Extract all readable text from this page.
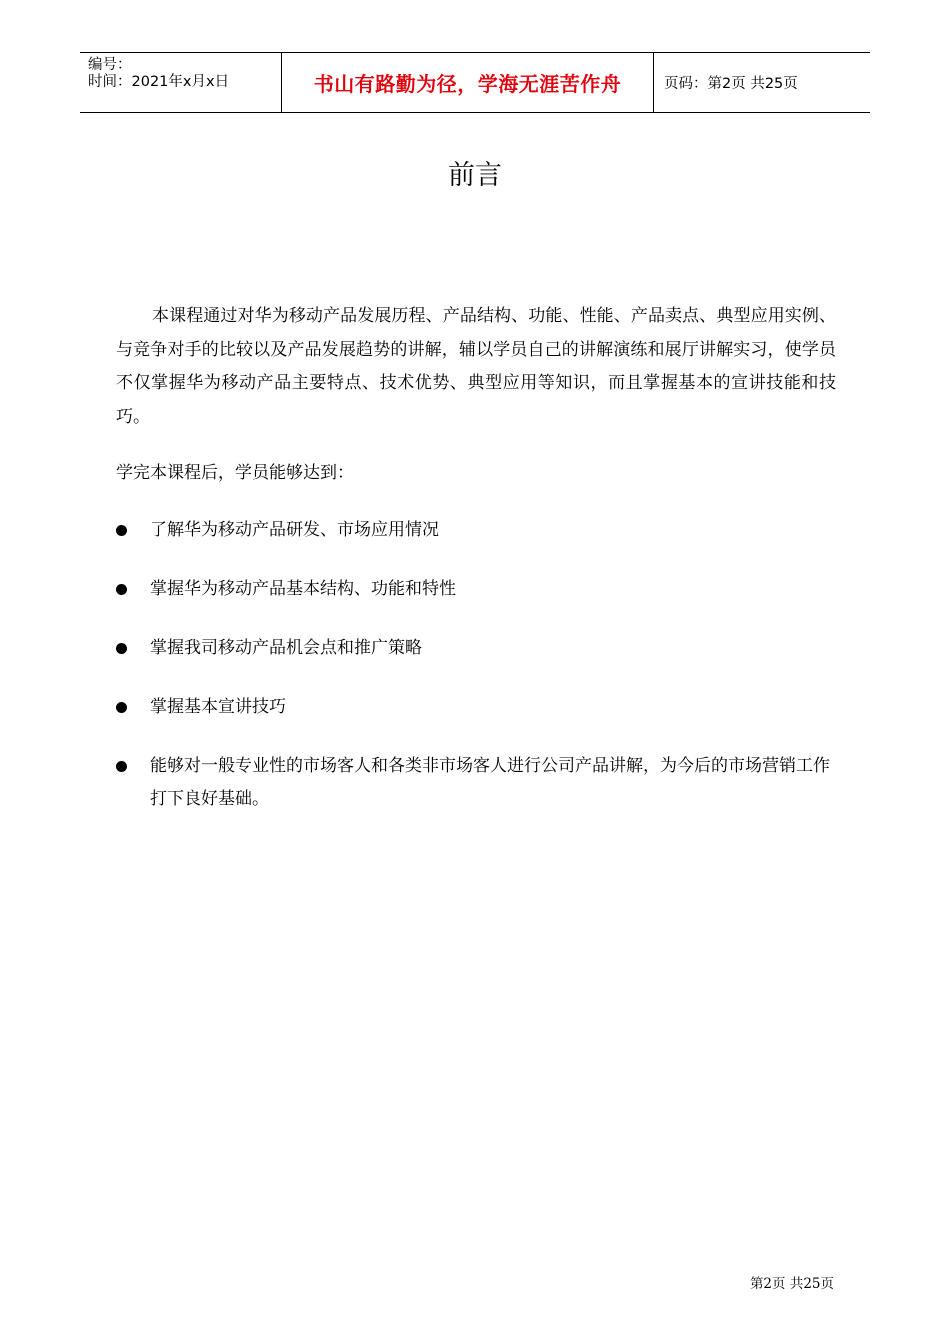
编号：
时间：2021年x月x日	书山有路勤为径，学海无涯苦作舟	页码：第2页 共25页
前言

本课程通过对华为移动产品发展历程、产品结构、功能、性能、产品卖点、典型应用实例、与竞争对手的比较以及产品发展趋势的讲解，辅以学员自己的讲解演练和展厅讲解实习，使学员不仅掌握华为移动产品主要特点、技术优势、典型应用等知识，而且掌握基本的宣讲技能和技巧。

学完本课程后，学员能够达到：

了解华为移动产品研发、市场应用情况
掌握华为移动产品基本结构、功能和特性
掌握我司移动产品机会点和推广策略
掌握基本宣讲技巧
能够对一般专业性的市场客人和各类非市场客人进行公司产品讲解，为今后的市场营销工作打下良好基础。
第2页 共25页
